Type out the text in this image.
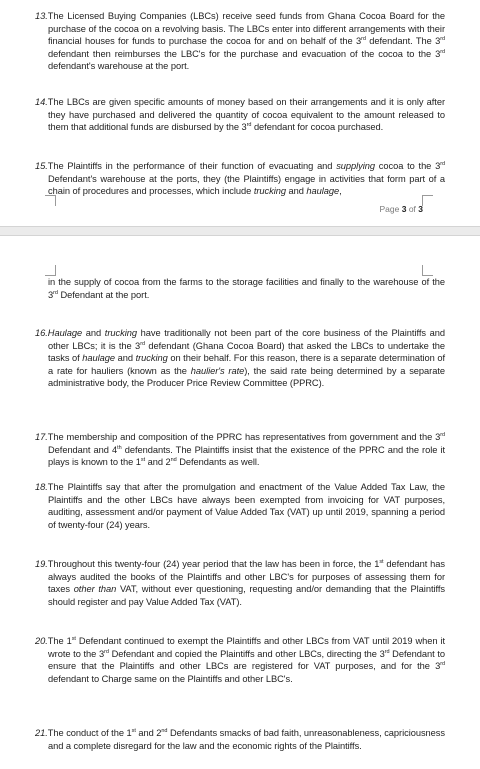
13.The Licensed Buying Companies (LBCs) receive seed funds from Ghana Cocoa Board for the purchase of the cocoa on a revolving basis. The LBCs enter into different arrangements with their financial houses for funds to purchase the cocoa for and on behalf of the 3rd defendant. The 3rd defendant then reimburses the LBC's for the purchase and evacuation of the cocoa to the 3rd defendant's warehouse at the port.
14.The LBCs are given specific amounts of money based on their arrangements and it is only after they have purchased and delivered the quantity of cocoa equivalent to the amount released to them that additional funds are disbursed by the 3rd defendant for cocoa purchased.
15.The Plaintiffs in the performance of their function of evacuating and supplying cocoa to the 3rd Defendant's warehouse at the ports, they (the Plaintiffs) engage in activities that form part of a chain of procedures and processes, which include trucking and haulage,
Page 3 of 3
in the supply of cocoa from the farms to the storage facilities and finally to the warehouse of the 3rd Defendant at the port.
16.Haulage and trucking have traditionally not been part of the core business of the Plaintiffs and other LBCs; it is the 3rd defendant (Ghana Cocoa Board) that asked the LBCs to undertake the tasks of haulage and trucking on their behalf. For this reason, there is a separate determination of a rate for hauliers (known as the haulier's rate), the said rate being determined by a separate administrative body, the Producer Price Review Committee (PPRC).
17.The membership and composition of the PPRC has representatives from government and the 3rd Defendant and 4th defendants. The Plaintiffs insist that the existence of the PPRC and the role it plays is known to the 1st and 2nd Defendants as well.
18.The Plaintiffs say that after the promulgation and enactment of the Value Added Tax Law, the Plaintiffs and the other LBCs have always been exempted from invoicing for VAT purposes, auditing, assessment and/or payment of Value Added Tax (VAT) up until 2019, spanning a period of twenty-four (24) years.
19.Throughout this twenty-four (24) year period that the law has been in force, the 1st defendant has always audited the books of the Plaintiffs and other LBC's for purposes of assessing them for taxes other than VAT, without ever questioning, requesting and/or demanding that the Plaintiffs should register and pay Value Added Tax (VAT).
20.The 1st Defendant continued to exempt the Plaintiffs and other LBCs from VAT until 2019 when it wrote to the 3rd Defendant and copied the Plaintiffs and other LBCs, directing the 3rd Defendant to ensure that the Plaintiffs and other LBCs are registered for VAT purposes, and for the 3rd defendant to Charge same on the Plaintiffs and other LBC's.
21.The conduct of the 1st and 2nd Defendants smacks of bad faith, unreasonableness, capriciousness and a complete disregard for the law and the economic rights of the Plaintiffs.
